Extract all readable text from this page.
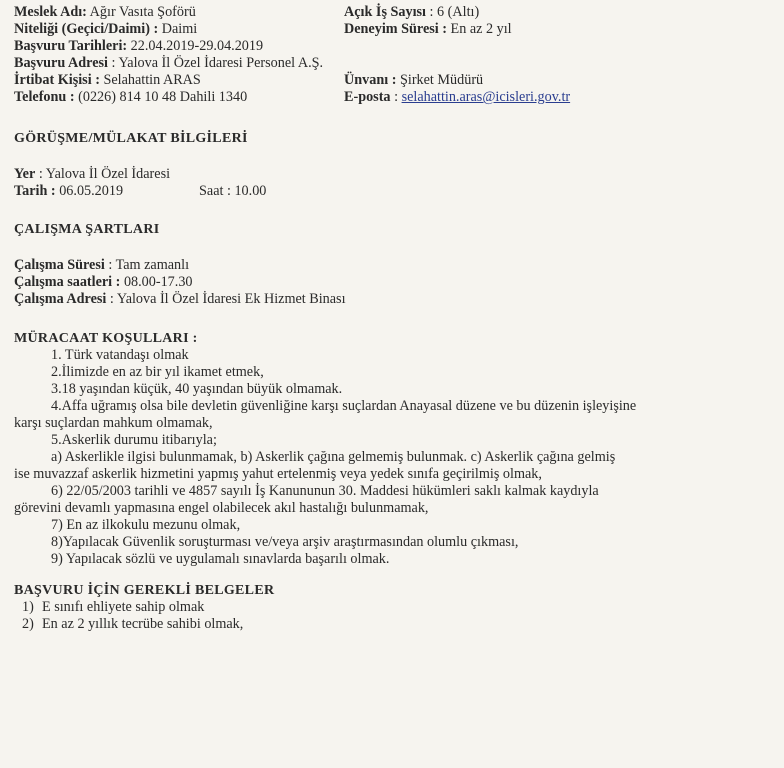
Meslek Adı: Ağır Vasıta Şoförü	Açık İş Sayısı : 6 (Altı)
Niteliği (Geçici/Daimi) : Daimi	Deneyim Süresi : En az 2 yıl
Başvuru Tarihleri: 22.04.2019-29.04.2019
Başvuru Adresi : Yalova İl Özel İdaresi Personel A.Ş.
İrtibat Kişisi : Selahattin ARAS	Ünvanı : Şirket Müdürü
Telefonu : (0226) 814 10 48 Dahili 1340	E-posta : selahattin.aras@icisleri.gov.tr
GÖRÜŞME/MÜLAKAT BİLGİLERİ
Yer : Yalova İl Özel İdaresi
Tarih : 06.05.2019	Saat : 10.00
ÇALIŞMA ŞARTLARI
Çalışma Süresi : Tam zamanlı
Çalışma saatleri : 08.00-17.30
Çalışma Adresi : Yalova İl Özel İdaresi Ek Hizmet Binası
MÜRACAAT KOŞULLARI :
1. Türk vatandaşı olmak
2.İlimizde en az bir yıl ikamet etmek,
3.18 yaşından küçük, 40 yaşından büyük olmamak.
4.Affa uğramış olsa bile devletin güvenliğine karşı suçlardan Anayasal düzene ve bu düzenin işleyişine
karşı suçlardan mahkum olmamak,
5.Askerlik durumu itibarıyla;
a) Askerlikle ilgisi bulunmamak, b) Askerlik çağına gelmemiş bulunmak. c) Askerlik çağına gelmiş
ise muvazzaf askerlik hizmetini yapmış yahut ertelenmiş veya yedek sınıfa geçirilmiş olmak,
6) 22/05/2003 tarihli ve 4857 sayılı İş Kanununun 30. Maddesi hükümleri saklı kalmak kaydıyla
görevini devamlı yapmasına engel olabilecek akıl hastalığı bulunmamak,
7) En az ilkokulu mezunu olmak,
8)Yapılacak Güvenlik soruşturması ve/veya arşiv araştırmasından olumlu çıkması,
9) Yapılacak sözlü ve uygulamalı sınavlarda başarılı olmak.
BAŞVURU İÇİN GEREKLİ BELGELER
1) E sınıfı ehliyete sahip olmak
2) En az 2 yıllık tecrübe sahibi olmak,
